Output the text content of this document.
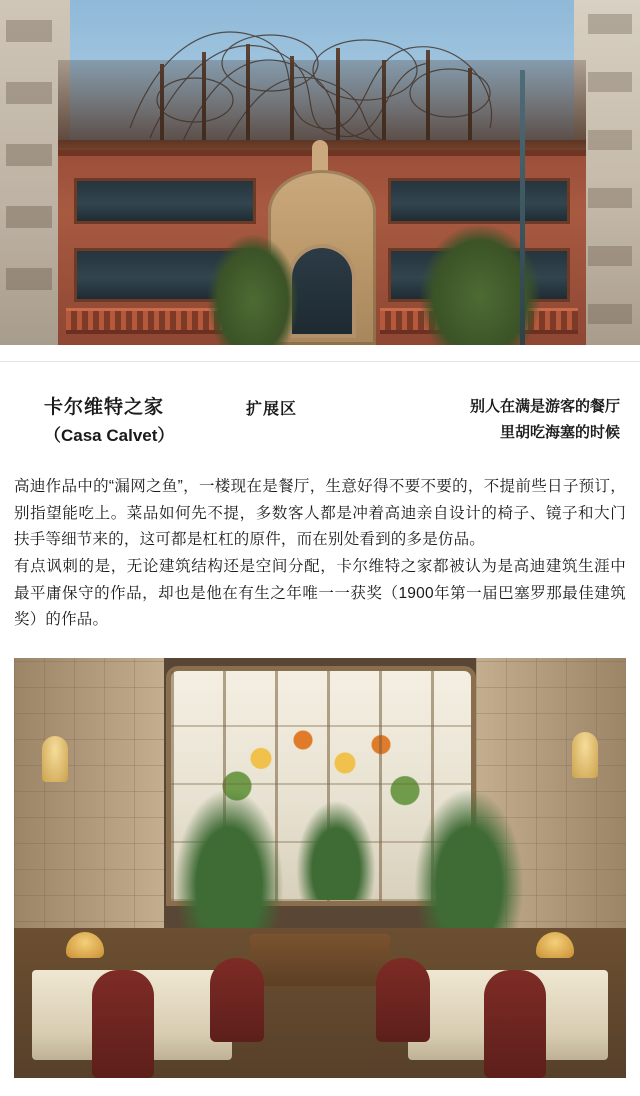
卡尔维特之家
（Casa Calvet）
扩展区	别人在满是游客的餐厅
里胡吃海塞的时候

高迪作品中的“漏网之鱼”，一楼现在是餐厅，生意好得不要不要的，不提前些日子预订，别指望能吃上。菜品如何先不提，多数客人都是冲着高迪亲自设计的椅子、镜子和大门扶手等细节来的，这可都是杠杠的原件，而在别处看到的多是仿品。

有点讽刺的是，无论建筑结构还是空间分配，卡尔维特之家都被认为是高迪建筑生涯中最平庸保守的作品，却也是他在有生之年唯一一获奖（1900年第一届巴塞罗那最佳建筑奖）的作品。
